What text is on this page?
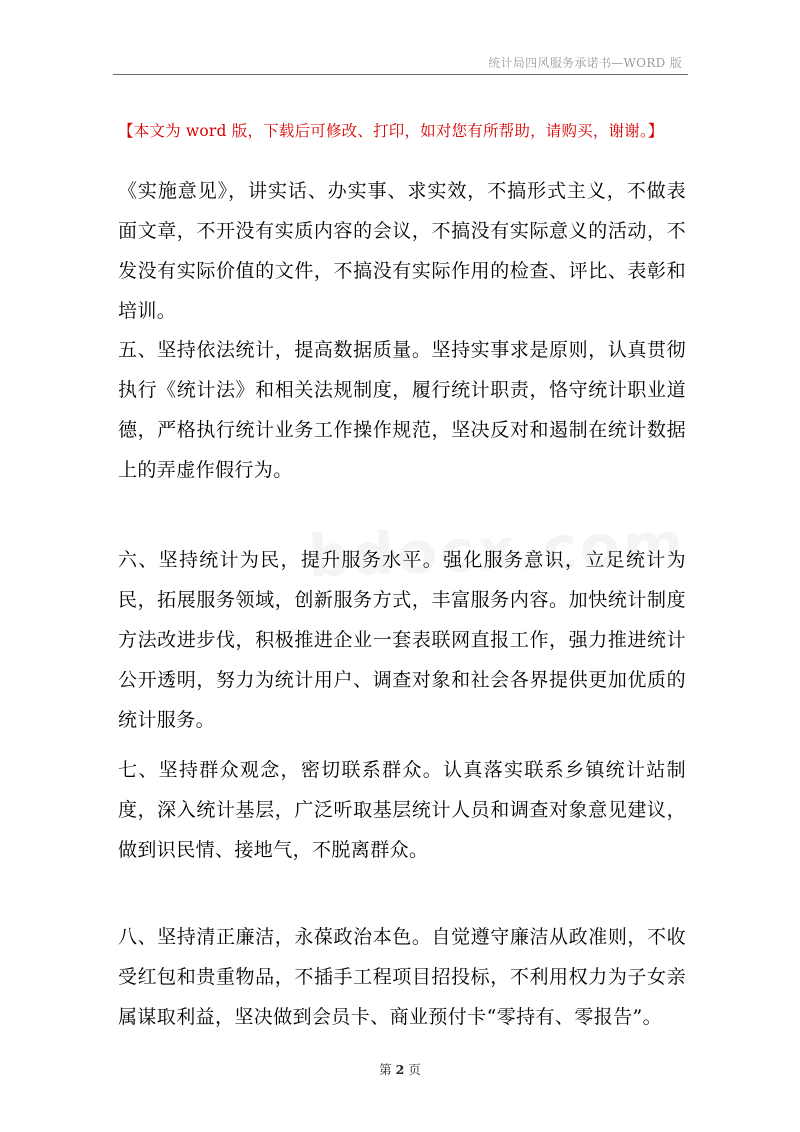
统计局四风服务承诺书—WORD 版
【本文为 word 版，下载后可修改、打印，如对您有所帮助，请购买，谢谢。】
《实施意见》，讲实话、办实事、求实效，不搞形式主义，不做表面文章，不开没有实质内容的会议，不搞没有实际意义的活动，不发没有实际价值的文件，不搞没有实际作用的检查、评比、表彰和培训。
五、坚持依法统计，提高数据质量。坚持实事求是原则，认真贯彻执行《统计法》和相关法规制度，履行统计职责，恪守统计职业道德，严格执行统计业务工作操作规范，坚决反对和遏制在统计数据上的弄虚作假行为。
六、坚持统计为民，提升服务水平。强化服务意识，立足统计为民，拓展服务领域，创新服务方式，丰富服务内容。加快统计制度方法改进步伐，积极推进企业一套表联网直报工作，强力推进统计公开透明，努力为统计用户、调查对象和社会各界提供更加优质的统计服务。
七、坚持群众观念，密切联系群众。认真落实联系乡镇统计站制度，深入统计基层，广泛听取基层统计人员和调查对象意见建议，做到识民情、接地气，不脱离群众。
八、坚持清正廉洁，永葆政治本色。自觉遵守廉洁从政准则，不收受红包和贵重物品，不插手工程项目招投标，不利用权力为子女亲属谋取利益，坚决做到会员卡、商业预付卡“零持有、零报告”。
第 2 页
